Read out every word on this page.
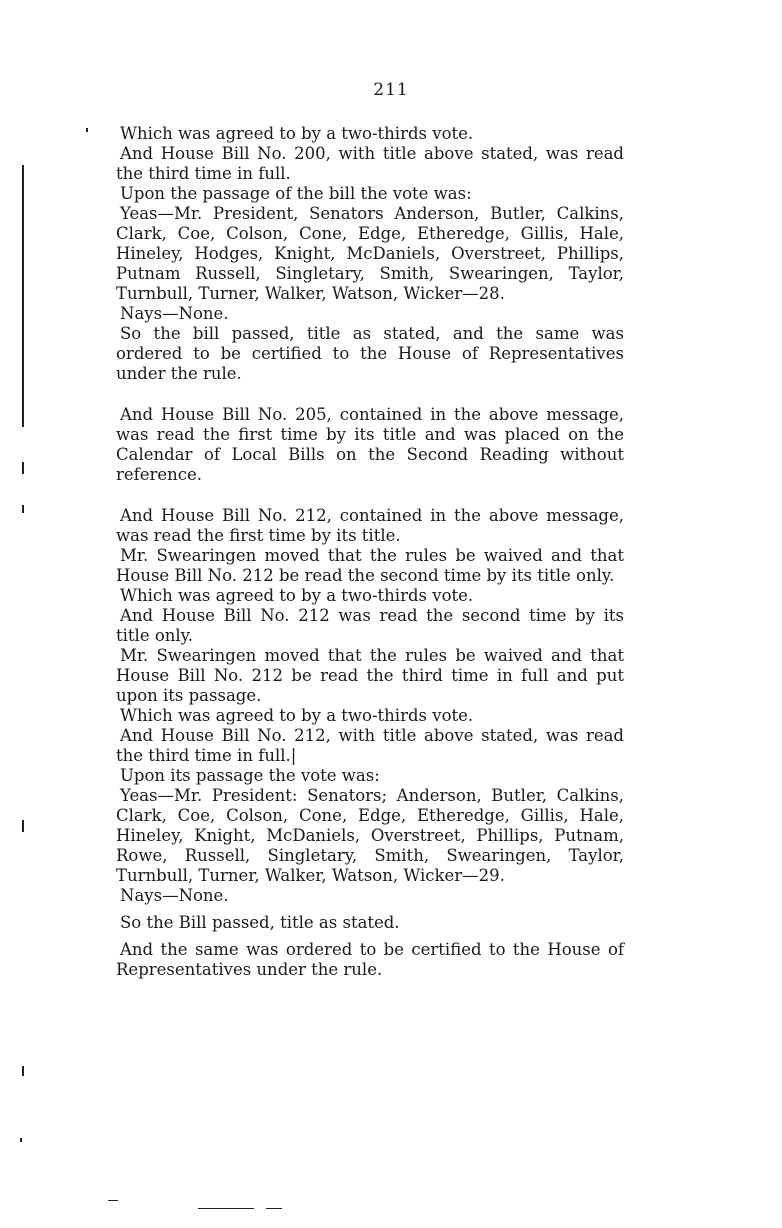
211

Which was agreed to by a two-thirds vote.

And House Bill No. 200, with title above stated, was read the third time in full.

Upon the passage of the bill the vote was:

Yeas—Mr. President, Senators Anderson, Butler, Calkins, Clark, Coe, Colson, Cone, Edge, Etheredge, Gillis, Hale, Hineley, Hodges, Knight, McDaniels, Overstreet, Phillips, Putnam Russell, Singletary, Smith, Swearingen, Taylor, Turnbull, Turner, Walker, Watson, Wicker—28.

Nays—None.

So the bill passed, title as stated, and the same was ordered to be certified to the House of Representatives under the rule.

And House Bill No. 205, contained in the above message, was read the first time by its title and was placed on the Calendar of Local Bills on the Second Reading without reference.

And House Bill No. 212, contained in the above message, was read the first time by its title.

Mr. Swearingen moved that the rules be waived and that House Bill No. 212 be read the second time by its title only.

Which was agreed to by a two-thirds vote.

And House Bill No. 212 was read the second time by its title only.

Mr. Swearingen moved that the rules be waived and that House Bill No. 212 be read the third time in full and put upon its passage.

Which was agreed to by a two-thirds vote.

And House Bill No. 212, with title above stated, was read the third time in full.|

Upon its passage the vote was:

Yeas—Mr. President: Senators; Anderson, Butler, Calkins, Clark, Coe, Colson, Cone, Edge, Etheredge, Gillis, Hale, Hineley, Knight, McDaniels, Overstreet, Phillips, Putnam, Rowe, Russell, Singletary, Smith, Swearingen, Taylor, Turnbull, Turner, Walker, Watson, Wicker—29.

Nays—None.

So the Bill passed, title as stated.

And the same was ordered to be certified to the House of Representatives under the rule.
